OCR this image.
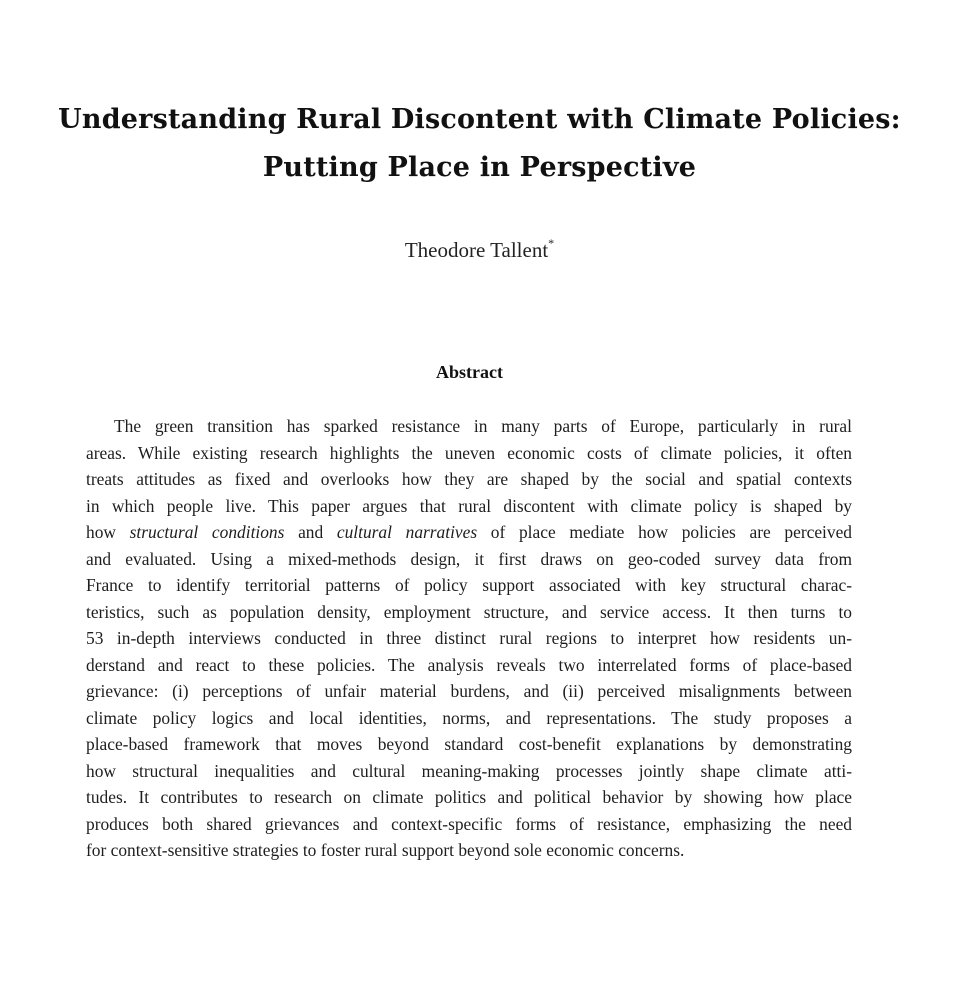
Understanding Rural Discontent with Climate Policies:
Putting Place in Perspective
Theodore Tallent*
Abstract
The green transition has sparked resistance in many parts of Europe, particularly in rural
areas. While existing research highlights the uneven economic costs of climate policies, it often
treats attitudes as fixed and overlooks how they are shaped by the social and spatial contexts
in which people live. This paper argues that rural discontent with climate policy is shaped by
how structural conditions and cultural narratives of place mediate how policies are perceived
and evaluated. Using a mixed-methods design, it first draws on geo-coded survey data from
France to identify territorial patterns of policy support associated with key structural charac-
teristics, such as population density, employment structure, and service access. It then turns to
53 in-depth interviews conducted in three distinct rural regions to interpret how residents un-
derstand and react to these policies. The analysis reveals two interrelated forms of place-based
grievance: (i) perceptions of unfair material burdens, and (ii) perceived misalignments between
climate policy logics and local identities, norms, and representations. The study proposes a
place-based framework that moves beyond standard cost-benefit explanations by demonstrating
how structural inequalities and cultural meaning-making processes jointly shape climate atti-
tudes. It contributes to research on climate politics and political behavior by showing how place
produces both shared grievances and context-specific forms of resistance, emphasizing the need
for context-sensitive strategies to foster rural support beyond sole economic concerns.
